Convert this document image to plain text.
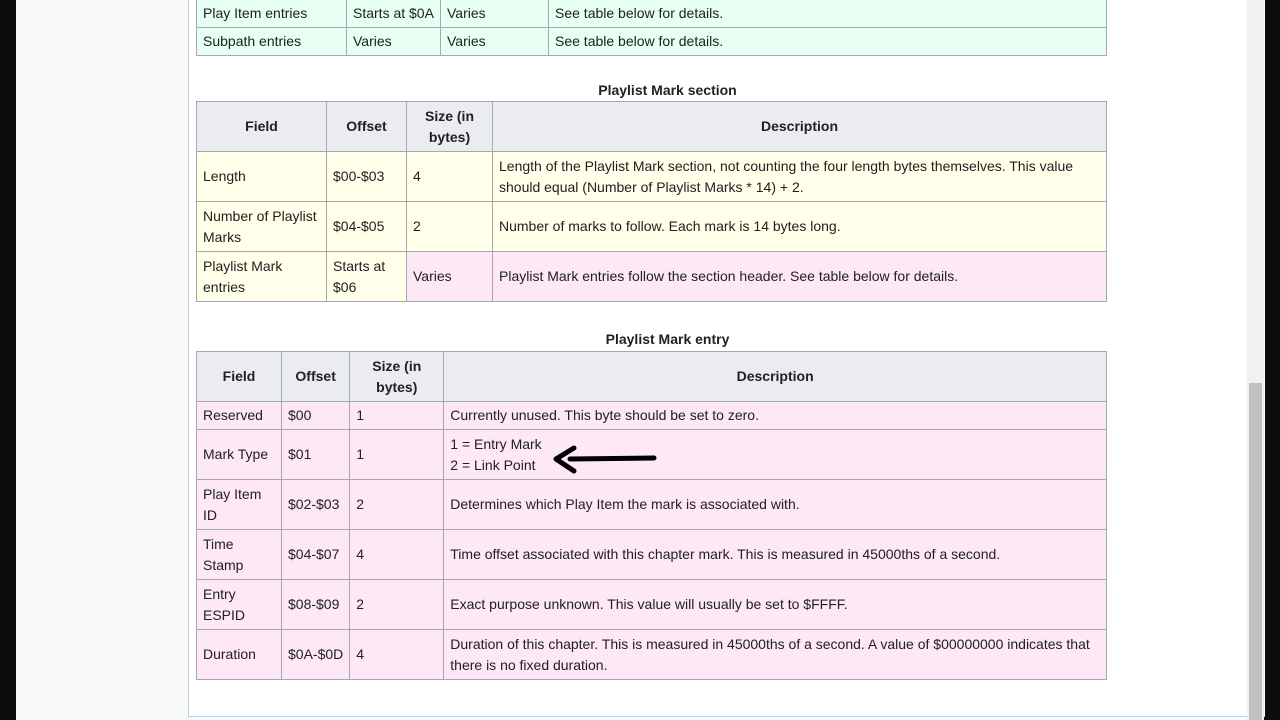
Play Item entries	Starts at $0A	Varies	See table below for details.
Subpath entries	Varies	Varies	See table below for details.
Playlist Mark section
Field	Offset	Size (in bytes)	Description
Length	$00-$03	4	Length of the Playlist Mark section, not counting the four length bytes themselves. This value should equal (Number of Playlist Marks * 14) + 2.
Number of Playlist Marks	$04-$05	2	Number of marks to follow. Each mark is 14 bytes long.
Playlist Mark entries	Starts at $06	Varies	Playlist Mark entries follow the section header. See table below for details.
Playlist Mark entry
Field	Offset	Size (in bytes)	Description
Reserved	$00	1	Currently unused. This byte should be set to zero.
Mark Type	$01	1	1 = Entry Mark
2 = Link Point

Play Item ID	$02-$03	2	Determines which Play Item the mark is associated with.
Time Stamp	$04-$07	4	Time offset associated with this chapter mark. This is measured in 45000ths of a second.
Entry ESPID	$08-$09	2	Exact purpose unknown. This value will usually be set to $FFFF.
Duration	$0A-$0D	4	Duration of this chapter. This is measured in 45000ths of a second. A value of $00000000 indicates that there is no fixed duration.
